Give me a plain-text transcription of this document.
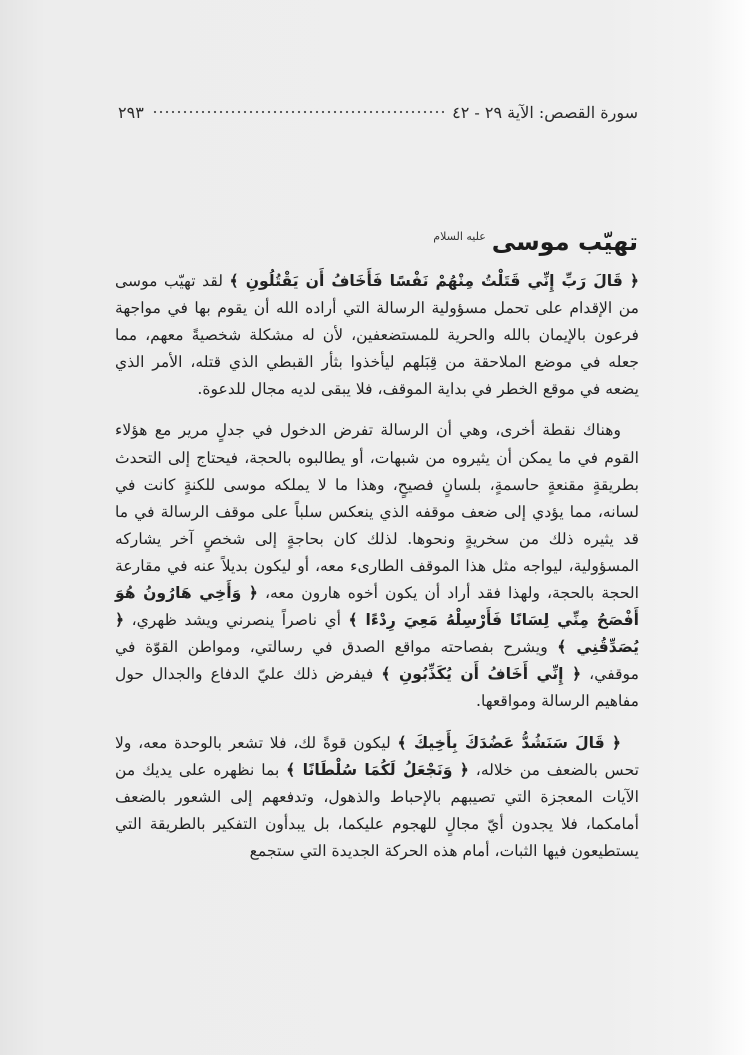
سورة القصص: الآية ٢٩ - ٤٢
٢٩٣
تهيّب موسى
عليه السلام

﴿ قَالَ رَبِّ إِنِّي قَتَلْتُ مِنْهُمْ نَفْسًا فَأَخَافُ أَن يَقْتُلُونِ ﴾ لقد تهيّب موسى من الإقدام على تحمل مسؤولية الرسالة التي أراده الله أن يقوم بها في مواجهة فرعون بالإيمان بالله والحرية للمستضعفين، لأن له مشكلة شخصيةً معهم، مما جعله في موضع الملاحقة من قِبَلهم ليأخذوا بثأر القبطي الذي قتله، الأمر الذي يضعه في موقع الخطر في بداية الموقف، فلا يبقى لديه مجال للدعوة.

وهناك نقطة أخرى، وهي أن الرسالة تفرض الدخول في جدلٍ مرير مع هؤلاء القوم في ما يمكن أن يثيروه من شبهات، أو يطالبوه بالحجة، فيحتاج إلى التحدث بطريقةٍ مقنعةٍ حاسمةٍ، بلسانٍ فصيحٍ، وهذا ما لا يملكه موسى للكنةٍ كانت في لسانه، مما يؤدي إلى ضعف موقفه الذي ينعكس سلباً على موقف الرسالة في ما قد يثيره ذلك من سخريةٍ ونحوها. لذلك كان بحاجةٍ إلى شخصٍ آخر يشاركه المسؤولية، ليواجه مثل هذا الموقف الطارىء معه، أو ليكون بديلاً عنه في مقارعة الحجة بالحجة، ولهذا فقد أراد أن يكون أخوه هارون معه، ﴿ وَأَخِي هَارُونُ هُوَ أَفْصَحُ مِنِّي لِسَانًا فَأَرْسِلْهُ مَعِيَ رِدْءًا ﴾ أي ناصراً ينصرني ويشد ظهري، ﴿ يُصَدِّقُنِي ﴾ ويشرح بفصاحته مواقع الصدق في رسالتي، ومواطن القوّة في موقفي، ﴿ إِنِّي أَخَافُ أَن يُكَذِّبُونِ ﴾ فيفرض ذلك عليّ الدفاع والجدال حول مفاهيم الرسالة ومواقعها.

﴿ قَالَ سَنَشُدُّ عَضُدَكَ بِأَخِيكَ ﴾ ليكون قوةً لك، فلا تشعر بالوحدة معه، ولا تحس بالضعف من خلاله، ﴿ وَنَجْعَلُ لَكُمَا سُلْطَانًا ﴾ بما نظهره على يديك من الآيات المعجزة التي تصيبهم بالإحباط والذهول، وتدفعهم إلى الشعور بالضعف أمامكما، فلا يجدون أيّ مجالٍ للهجوم عليكما، بل يبدأون التفكير بالطريقة التي يستطيعون فيها الثبات، أمام هذه الحركة الجديدة التي ستجمع
